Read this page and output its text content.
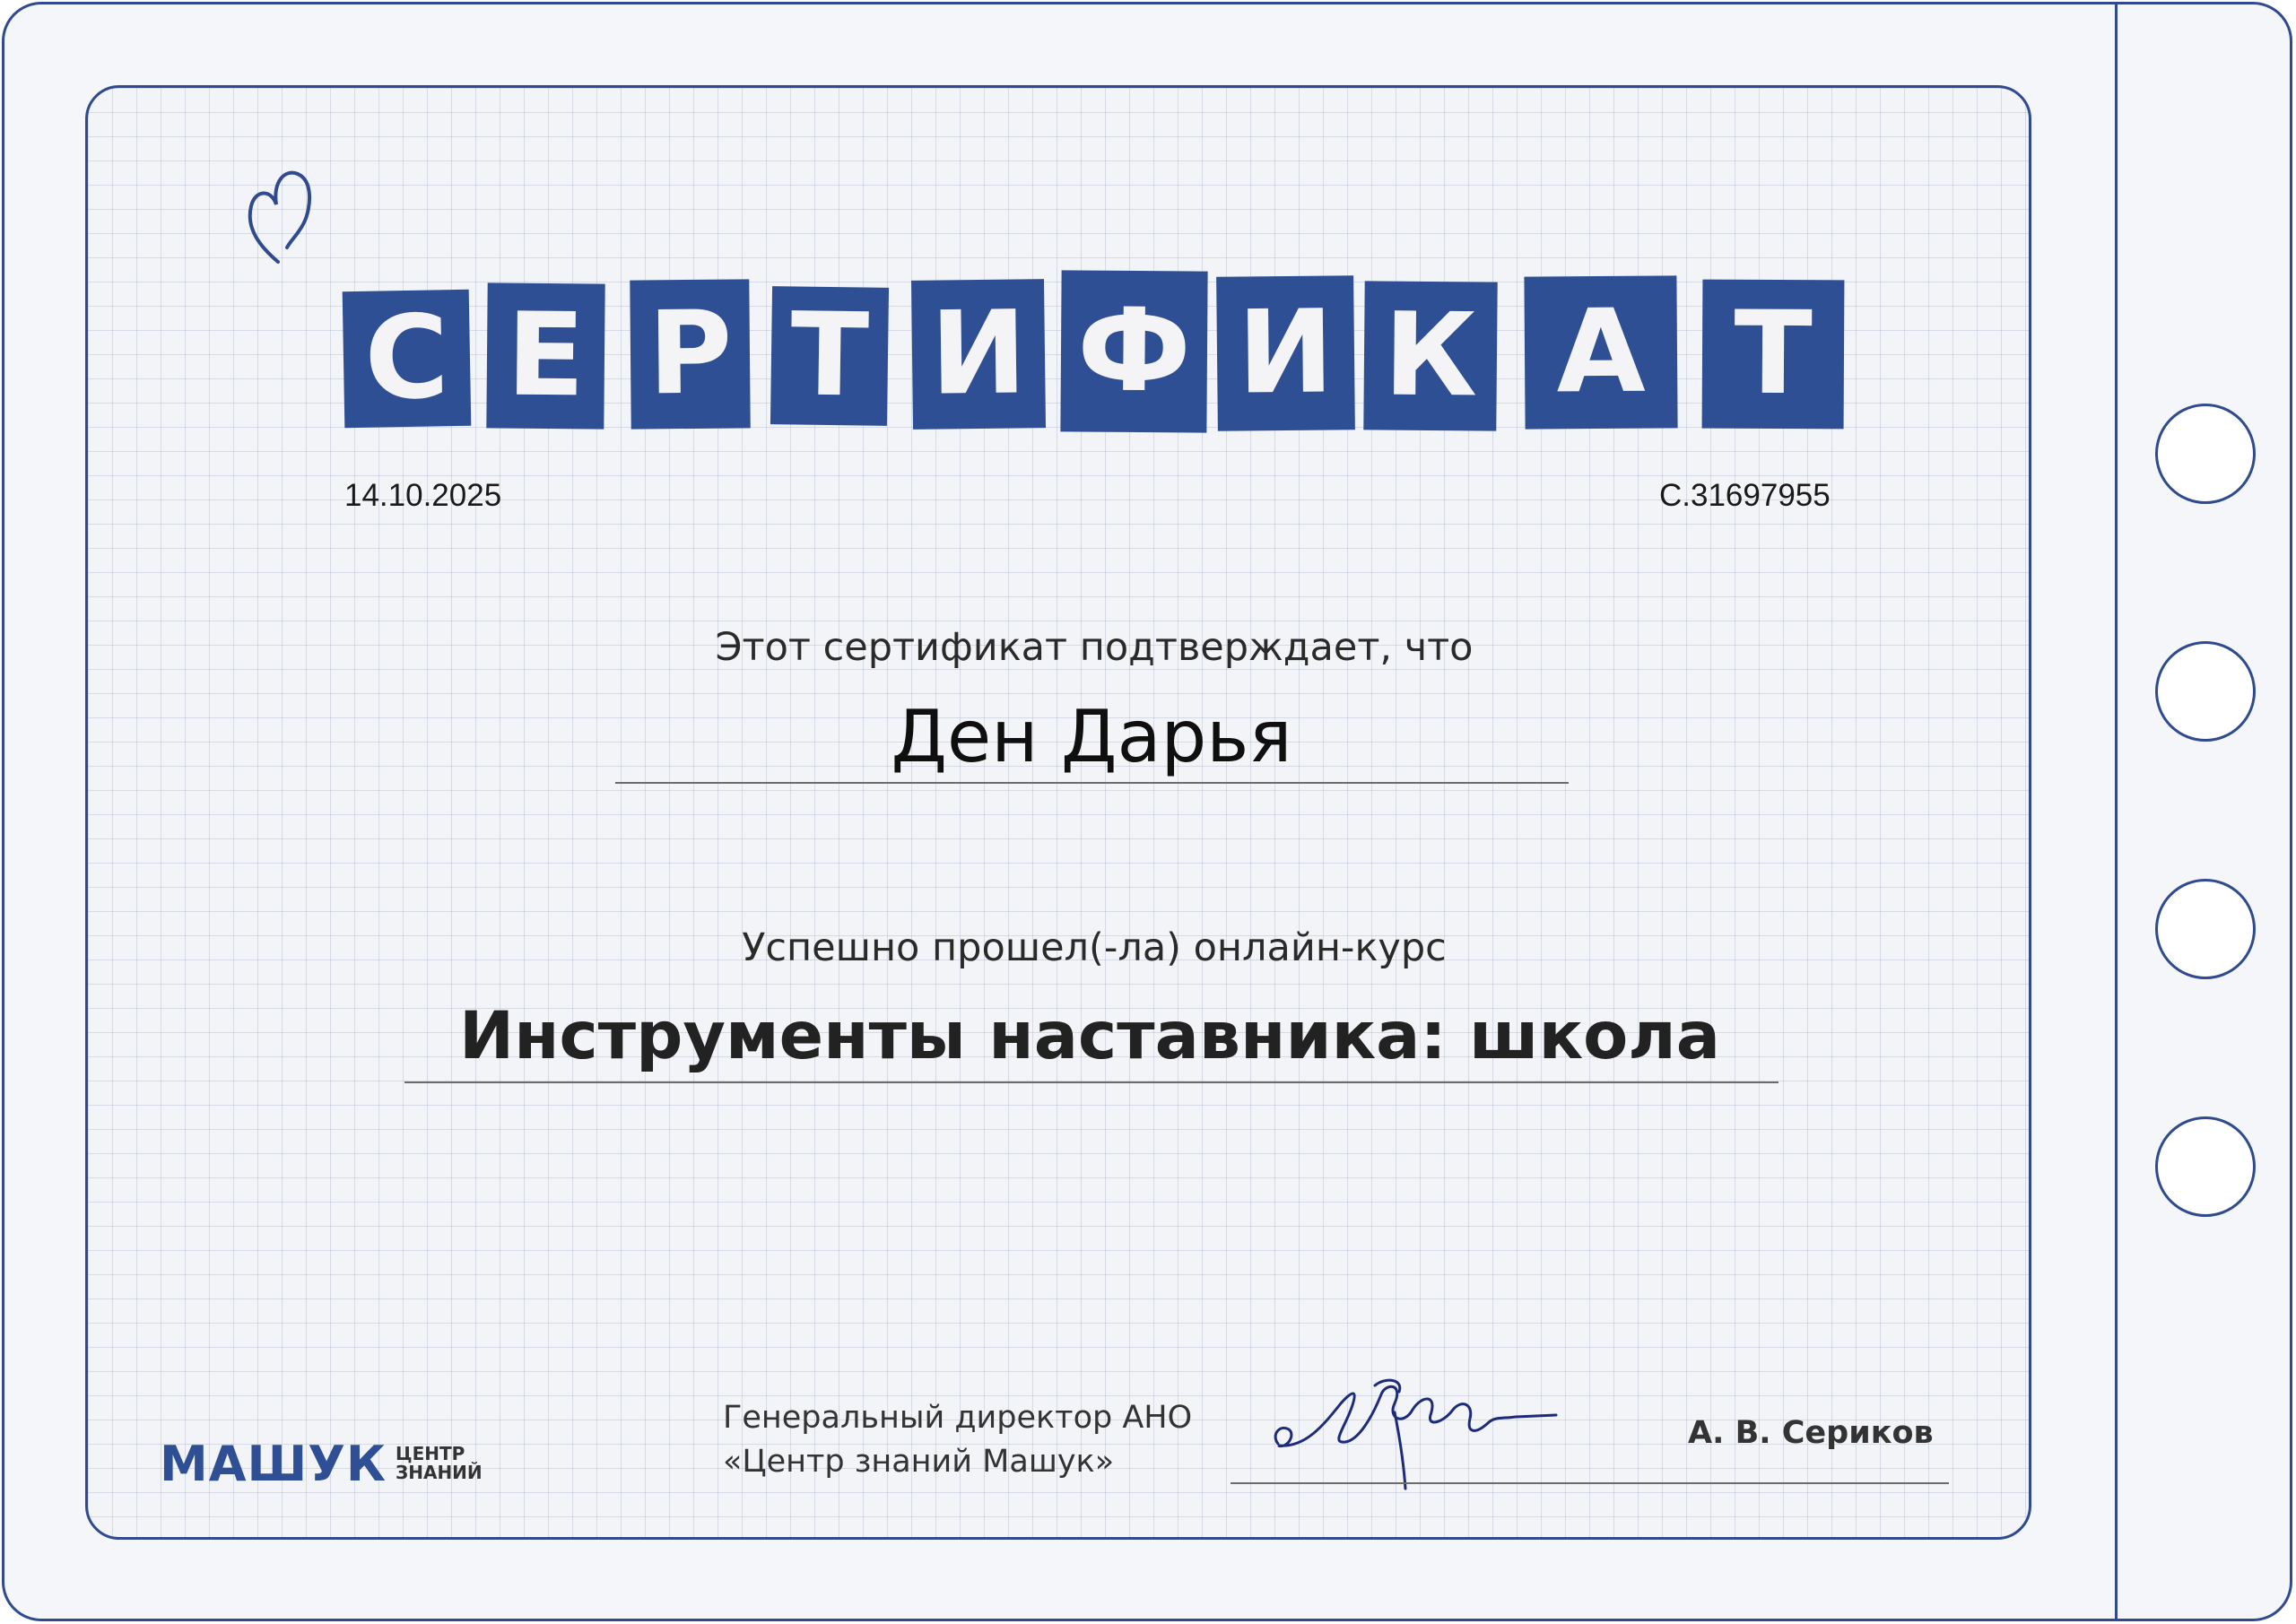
С Е Р Т И Ф И К А Т
14.10.2025	С.31697955
Этот сертификат подтверждает, что
Ден Дарья
Успешно прошел(-ла) онлайн-курс
Инструменты наставника: школа
МАШУК ЦЕНТР
ЗНАНИЙ
Генеральный директор АНО
«Центр знаний Машук»
А. В. Сериков
